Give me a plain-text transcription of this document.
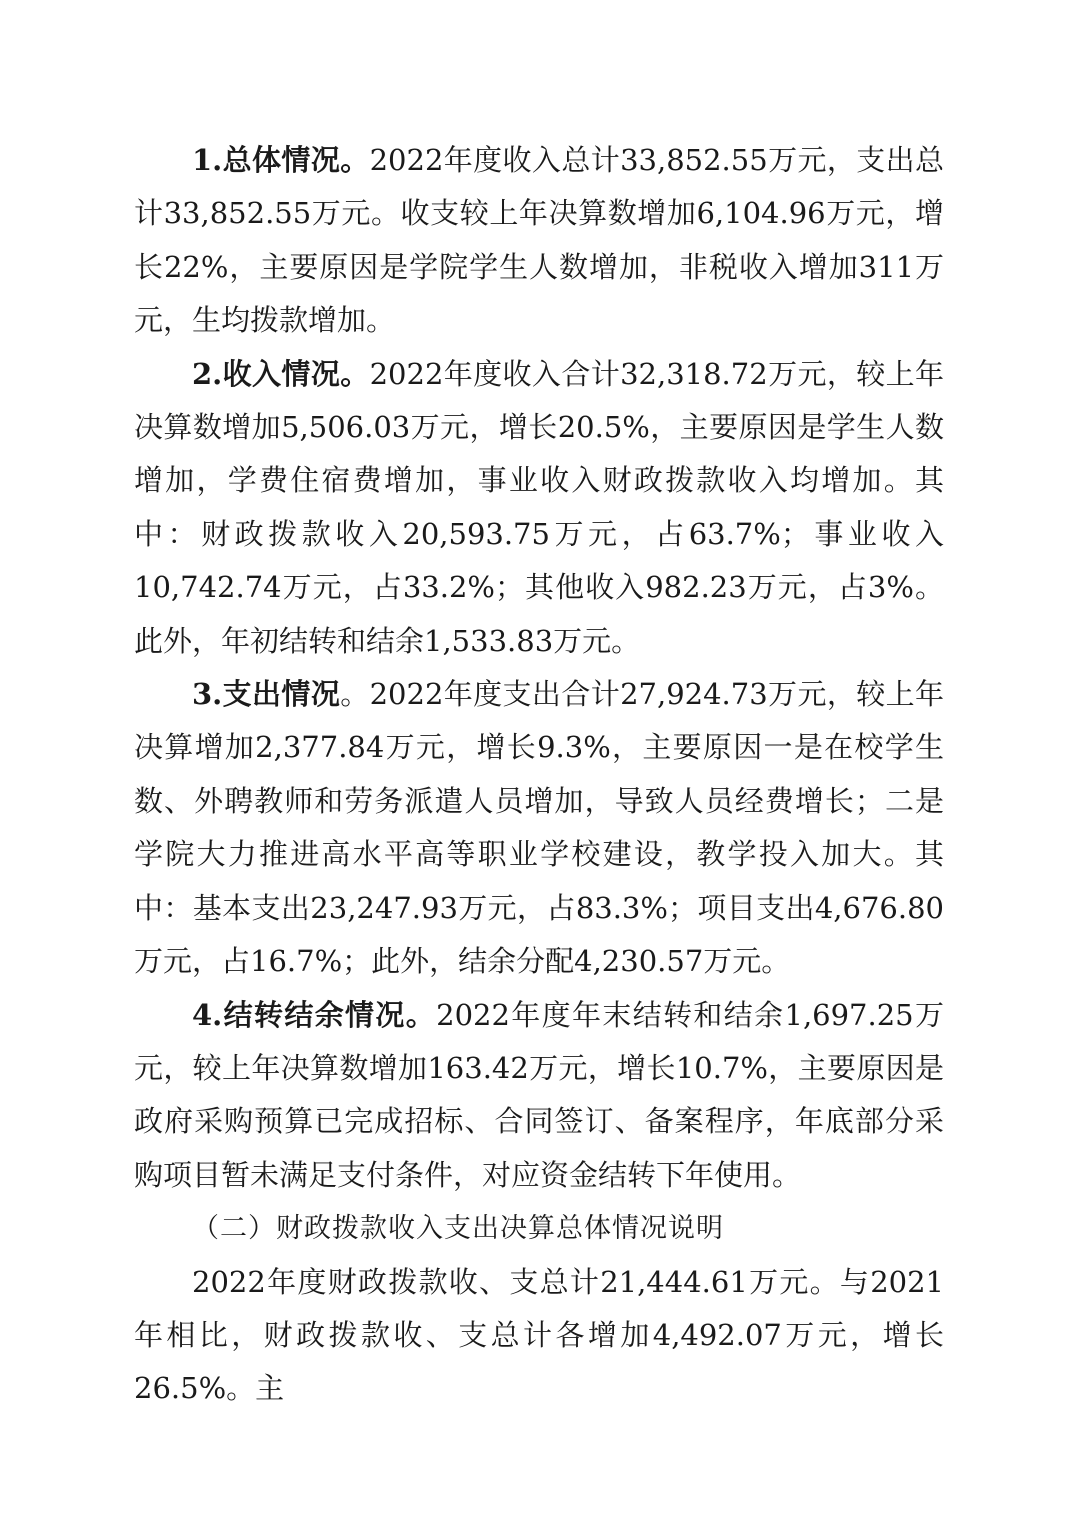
1.总体情况。2022年度收入总计33,852.55万元，支出总计33,852.55万元。收支较上年决算数增加6,104.96万元，增长22%，主要原因是学院学生人数增加，非税收入增加311万元，生均拨款增加。

2.收入情况。2022年度收入合计32,318.72万元，较上年决算数增加5,506.03万元，增长20.5%，主要原因是学生人数增加，学费住宿费增加，事业收入财政拨款收入均增加。其中：财政拨款收入20,593.75万元，占63.7%；事业收入10,742.74万元，占33.2%；其他收入982.23万元，占3%。此外，年初结转和结余1,533.83万元。

3.支出情况。2022年度支出合计27,924.73万元，较上年决算增加2,377.84万元，增长9.3%，主要原因一是在校学生数、外聘教师和劳务派遣人员增加，导致人员经费增长；二是学院大力推进高水平高等职业学校建设，教学投入加大。其中：基本支出23,247.93万元，占83.3%；项目支出4,676.80万元，占16.7%；此外，结余分配4,230.57万元。

4.结转结余情况。2022年度年末结转和结余1,697.25万元，较上年决算数增加163.42万元，增长10.7%，主要原因是政府采购预算已完成招标、合同签订、备案程序，年底部分采购项目暂未满足支付条件，对应资金结转下年使用。

（二）财政拨款收入支出决算总体情况说明

2022年度财政拨款收、支总计21,444.61万元。与2021年相比，财政拨款收、支总计各增加4,492.07万元，增长26.5%。主
